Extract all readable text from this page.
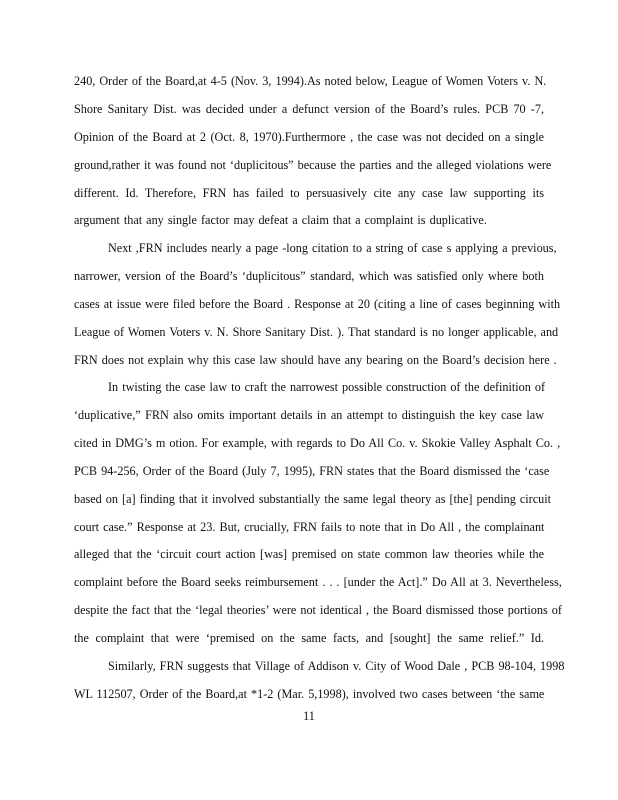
240, Order of the Board,at 4-5 (Nov. 3, 1994).As noted below, League of Women Voters v. N.
Shore Sanitary Dist. was decided under a defunct version of the Board’s rules. PCB 70 -7,
Opinion of the Board at 2 (Oct. 8, 1970).Furthermore , the case was not decided on a single
ground,rather it was found not ‘duplicitous” because the parties and the alleged violations were
different. Id. Therefore, FRN has failed to persuasively cite any case law supporting its
argument that any single factor may defeat a claim that a complaint is duplicative.
Next ,FRN includes nearly a page -long citation to a string of case s applying a previous,
narrower, version of the Board’s ‘duplicitous” standard, which was satisfied only where both
cases at issue were filed before the Board . Response at 20 (citing a line of cases beginning with
League of Women Voters v. N. Shore Sanitary Dist. ). That standard is no longer applicable, and
FRN does not explain why this case law should have any bearing on the Board’s decision here .
In twisting the case law to craft the narrowest possible construction of the definition of
‘duplicative,” FRN also omits important details in an attempt to distinguish the key case law
cited in DMG’s m otion. For example, with regards to Do All Co. v. Skokie Valley Asphalt Co. ,
PCB 94-256, Order of the Board (July 7, 1995), FRN states that the Board dismissed the ‘case
based on [a] finding that it involved substantially the same legal theory as [the] pending circuit
court case.” Response at 23. But, crucially, FRN fails to note that in Do All , the complainant
alleged that the ‘circuit court action [was] premised on state common law theories while the
complaint before the Board seeks reimbursement . . . [under the Act].” Do All at 3. Nevertheless,
despite the fact that the ‘legal theories’ were not identical , the Board dismissed those portions of
the complaint that were ‘premised on the same facts, and [sought] the same relief.” Id.
Similarly, FRN suggests that Village of Addison v. City of Wood Dale , PCB 98-104, 1998
WL 112507, Order of the Board,at *1-2 (Mar. 5,1998), involved two cases between ‘the same
11
